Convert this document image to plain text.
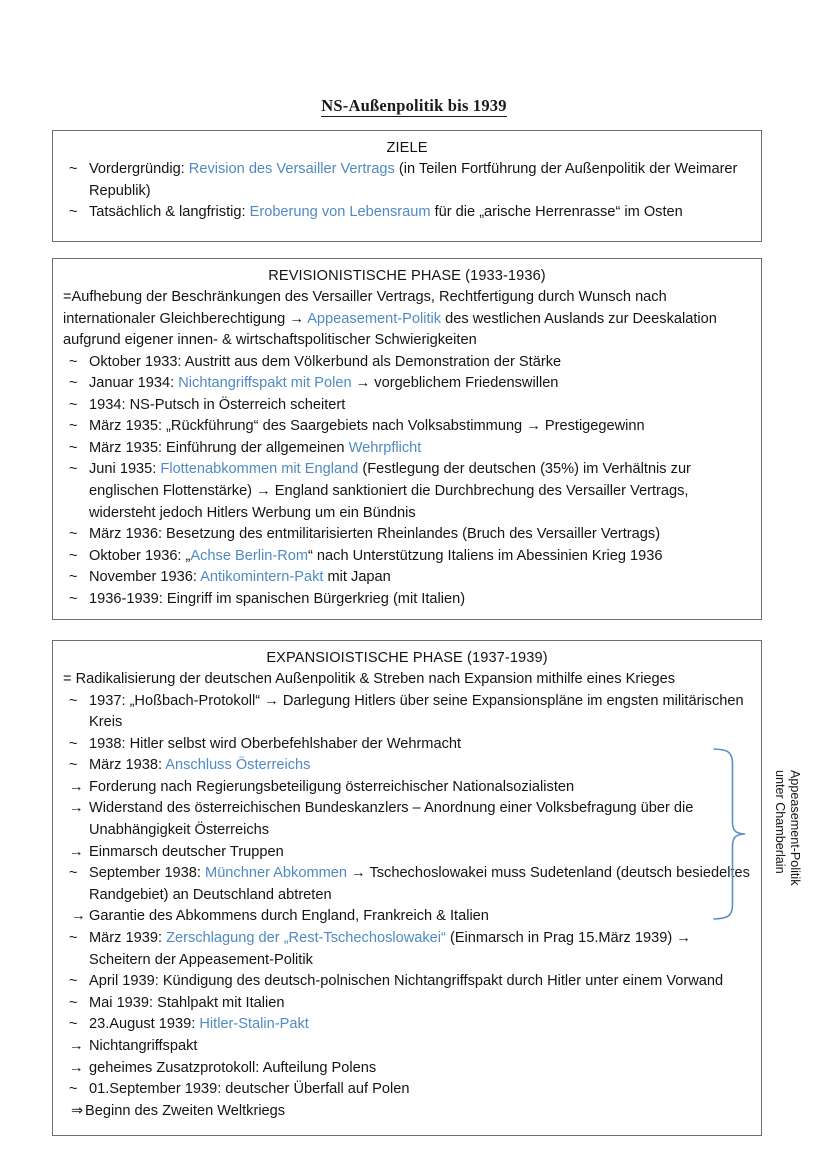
NS-Außenpolitik bis 1939
ZIELE
~ Vordergründig: Revision des Versailler Vertrags (in Teilen Fortführung der Außenpolitik der Weimarer Republik)
~ Tatsächlich & langfristig: Eroberung von Lebensraum für die „arische Herrenrasse“ im Osten
REVISIONISTISCHE PHASE (1933-1936)
=Aufhebung der Beschränkungen des Versailler Vertrags, Rechtfertigung durch Wunsch nach internationaler Gleichberechtigung → Appeasement-Politik des westlichen Auslands zur Deeskalation aufgrund eigener innen- & wirtschaftspolitischer Schwierigkeiten
~ Oktober 1933: Austritt aus dem Völkerbund als Demonstration der Stärke
~ Januar 1934: Nichtangriffspakt mit Polen → vorgeblichem Friedenswillen
~ 1934: NS-Putsch in Österreich scheitert
~ März 1935: „Rückführung“ des Saargebiets nach Volksabstimmung → Prestigegewinn
~ März 1935: Einführung der allgemeinen Wehrpflicht
~ Juni 1935: Flottenabkommen mit England (Festlegung der deutschen (35%) im Verhältnis zur englischen Flottenstärke) → England sanktioniert die Durchbrechung des Versailler Vertrags, widersteht jedoch Hitlers Werbung um ein Bündnis
~ März 1936: Besetzung des entmilitarisierten Rheinlandes (Bruch des Versailler Vertrags)
~ Oktober 1936: „Achse Berlin-Rom“ nach Unterstützung Italiens im Abessinien Krieg 1936
~ November 1936: Antikomintern-Pakt mit Japan
~ 1936-1939: Eingriff im spanischen Bürgerkrieg (mit Italien)
EXPANSIOISTISCHE PHASE (1937-1939)
= Radikalisierung der deutschen Außenpolitik & Streben nach Expansion mithilfe eines Krieges
~ 1937: „Hoßbach-Protokoll“ → Darlegung Hitlers über seine Expansionspläne im engsten militärischen Kreis
~ 1938: Hitler selbst wird Oberbefehlshaber der Wehrmacht
~ März 1938: Anschluss Österreichs
→ Forderung nach Regierungsbeteiligung österreichischer Nationalsozialisten
→ Widerstand des österreichischen Bundeskanzlers – Anordnung einer Volksbefragung über die Unabhängigkeit Österreichs
→ Einmarsch deutscher Truppen
~ September 1938: Münchner Abkommen → Tschechoslowakei muss Sudetenland (deutsch besiedeltes Randgebiet) an Deutschland abtreten
→ Garantie des Abkommens durch England, Frankreich & Italien
~ März 1939: Zerschlagung der „Rest-Tschechoslowakei“ (Einmarsch in Prag 15.März 1939) → Scheitern der Appeasement-Politik
~ April 1939: Kündigung des deutsch-polnischen Nichtangriffspakt durch Hitler unter einem Vorwand
~ Mai 1939: Stahlpakt mit Italien
~ 23.August 1939: Hitler-Stalin-Pakt
→ Nichtangriffspakt
→ geheimes Zusatzprotokoll: Aufteilung Polens
~ 01.September 1939: deutscher Überfall auf Polen
⇒ Beginn des Zweiten Weltkriegs
Appeasement-Politik
unter Chamberlain
